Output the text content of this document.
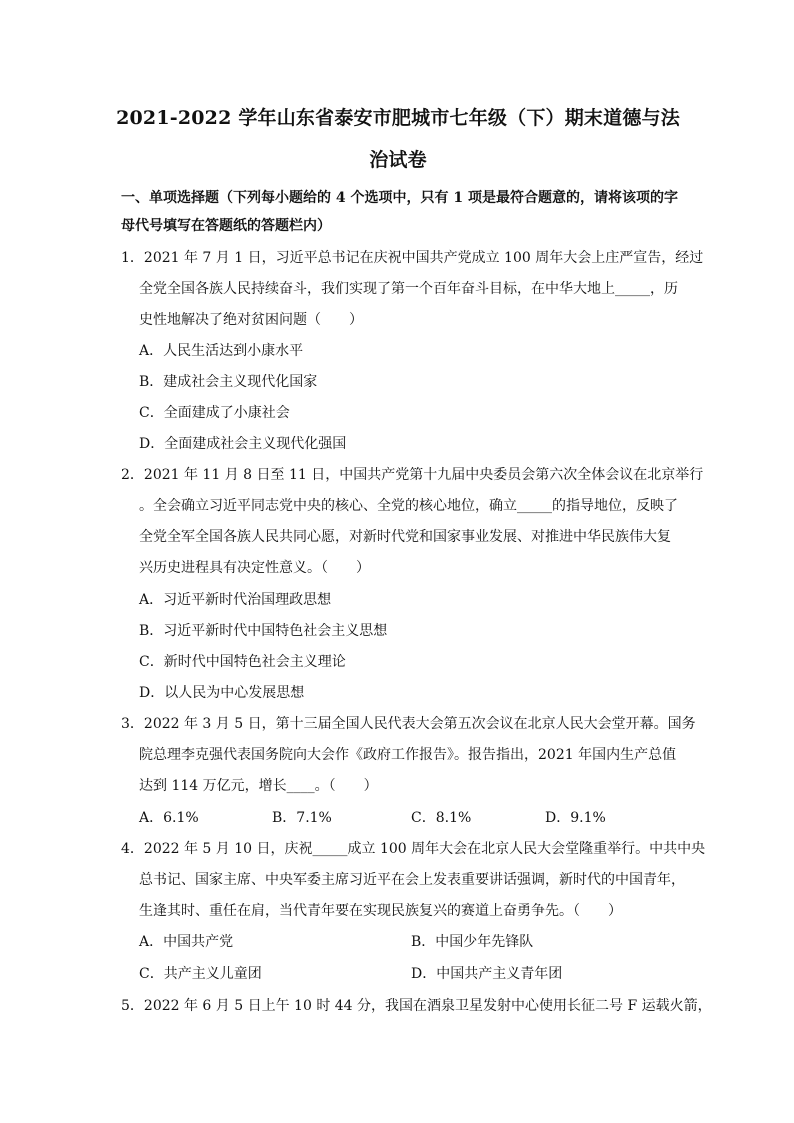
2021-2022 学年山东省泰安市肥城市七年级（下）期末道德与法
治试卷
一、单项选择题（下列每小题给的 4 个选项中，只有 1 项是最符合题意的，请将该项的字
母代号填写在答题纸的答题栏内）
1．2021 年 7 月 1 日，习近平总书记在庆祝中国共产党成立 100 周年大会上庄严宣告，经过
全党全国各族人民持续奋斗，我们实现了第一个百年奋斗目标，在中华大地上_____，历
史性地解决了绝对贫困问题（　　）
A．人民生活达到小康水平
B．建成社会主义现代化国家
C．全面建成了小康社会
D．全面建成社会主义现代化强国
2．2021 年 11 月 8 日至 11 日，中国共产党第十九届中央委员会第六次全体会议在北京举行
。全会确立习近平同志党中央的核心、全党的核心地位，确立_____的指导地位，反映了
全党全军全国各族人民共同心愿，对新时代党和国家事业发展、对推进中华民族伟大复
兴历史进程具有决定性意义。（　　）
A．习近平新时代治国理政思想
B．习近平新时代中国特色社会主义思想
C．新时代中国特色社会主义理论
D．以人民为中心发展思想
3．2022 年 3 月 5 日，第十三届全国人民代表大会第五次会议在北京人民大会堂开幕。国务
院总理李克强代表国务院向大会作《政府工作报告》。报告指出，2021 年国内生产总值
达到 114 万亿元，增长____。（　　）
A．6.1%	B．7.1%	C．8.1%	D．9.1%
4．2022 年 5 月 10 日，庆祝_____成立 100 周年大会在北京人民大会堂隆重举行。中共中央
总书记、国家主席、中央军委主席习近平在会上发表重要讲话强调，新时代的中国青年，
生逢其时、重任在肩，当代青年要在实现民族复兴的赛道上奋勇争先。（　　）
A．中国共产党	B．中国少年先锋队
C．共产主义儿童团	D．中国共产主义青年团
5．2022 年 6 月 5 日上午 10 时 44 分，我国在酒泉卫星发射中心使用长征二号 F 运载火箭，
